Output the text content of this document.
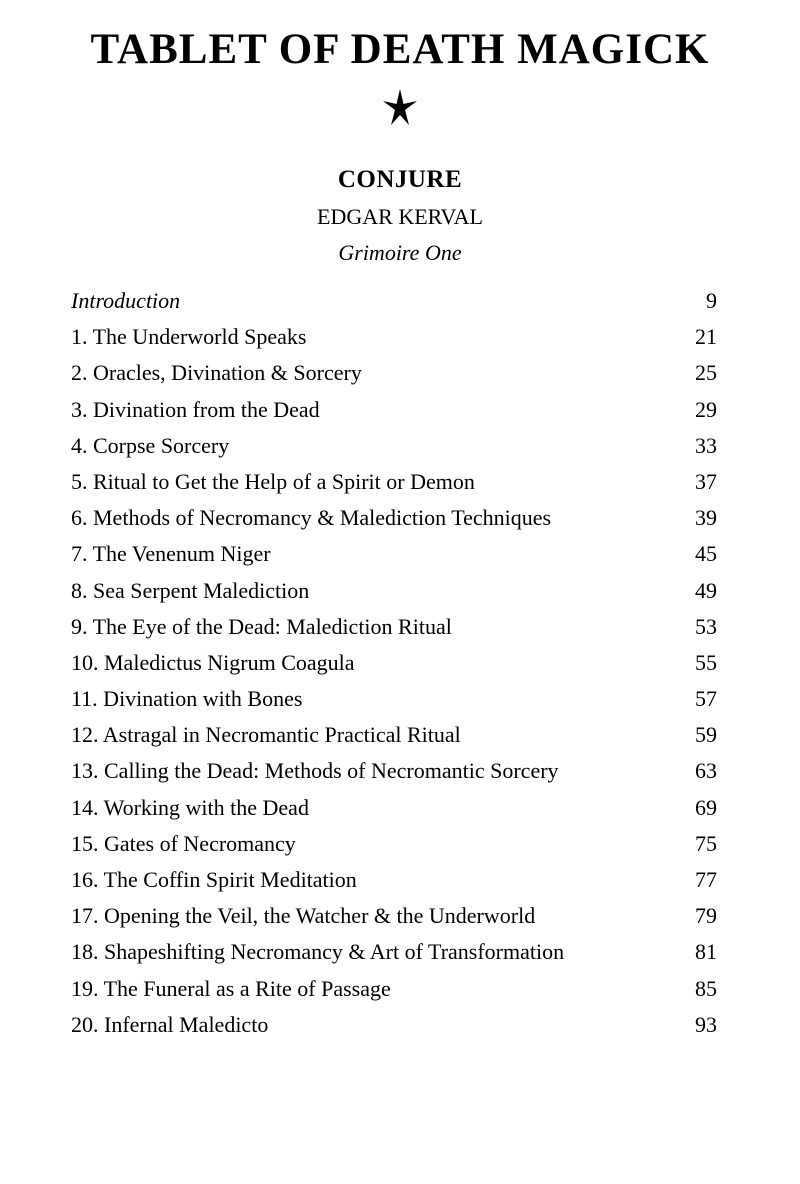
TABLET OF DEATH MAGICK
CONJURE
EDGAR KERVAL
Grimoire One
Introduction	9
1. The Underworld Speaks	21
2. Oracles, Divination & Sorcery	25
3. Divination from the Dead	29
4. Corpse Sorcery	33
5. Ritual to Get the Help of a Spirit or Demon	37
6. Methods of Necromancy & Malediction Techniques	39
7. The Venenum Niger	45
8. Sea Serpent Malediction	49
9. The Eye of the Dead: Malediction Ritual	53
10. Maledictus Nigrum Coagula	55
11. Divination with Bones	57
12. Astragal in Necromantic Practical Ritual	59
13. Calling the Dead: Methods of Necromantic Sorcery	63
14. Working with the Dead	69
15. Gates of Necromancy	75
16. The Coffin Spirit Meditation	77
17. Opening the Veil, the Watcher & the Underworld	79
18. Shapeshifting Necromancy & Art of Transformation	81
19. The Funeral as a Rite of Passage	85
20. Infernal Maledicto	93
